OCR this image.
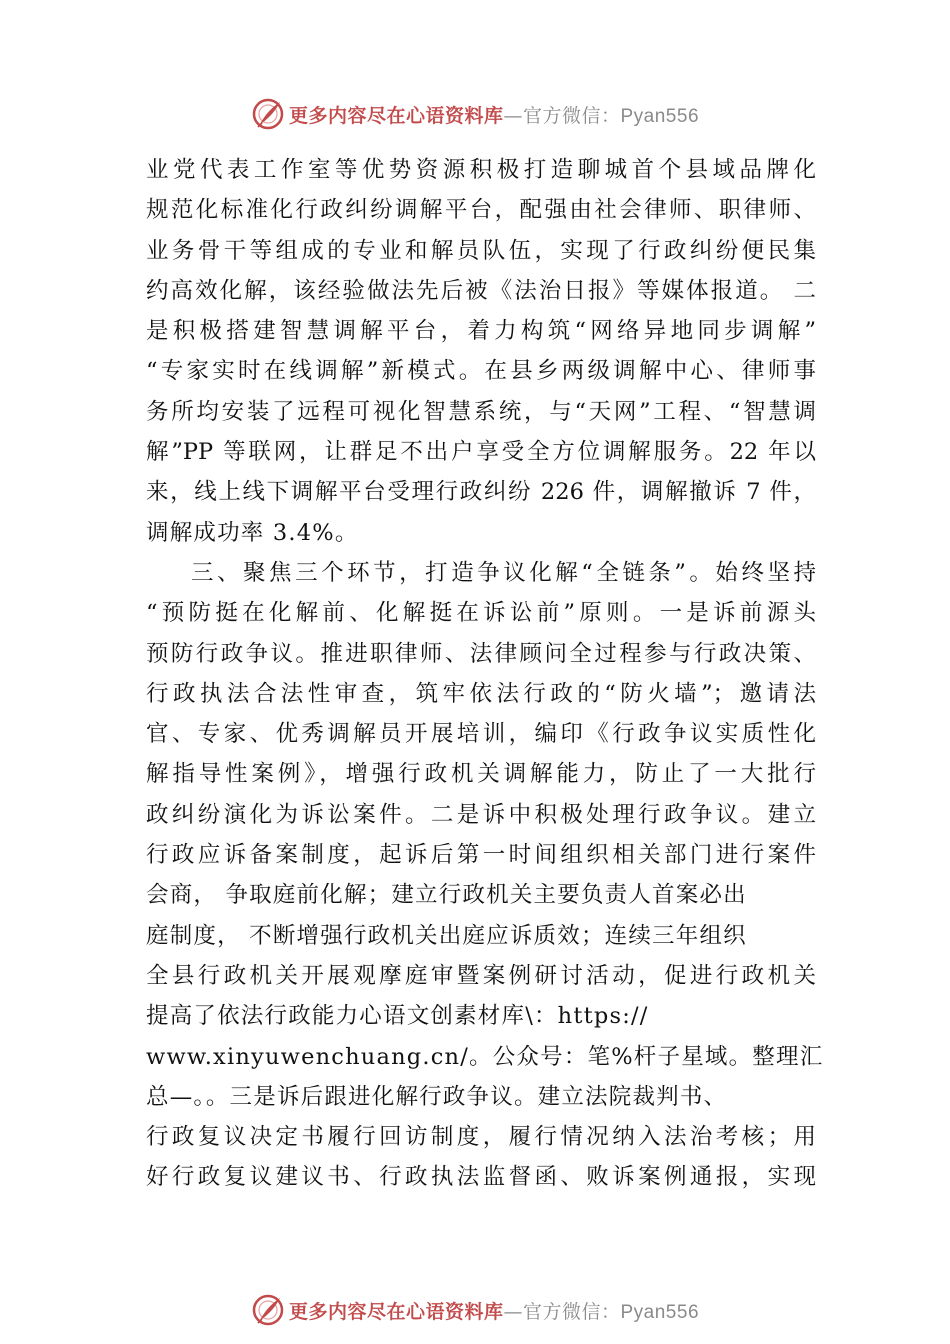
更多内容尽在心语资料库—官方微信：Pyan556
业党代表工作室等优势资源积极打造聊城首个县域品牌化
规范化标准化行政纠纷调解平台，配强由社会律师、职律师、
业务骨干等组成的专业和解员队伍，实现了行政纠纷便民集
约高效化解，该经验做法先后被《法治日报》等媒体报道。 二
是积极搭建智慧调解平台，着力构筑“网络异地同步调解”
“专家实时在线调解”新模式。在县乡两级调解中心、律师事
务所均安装了远程可视化智慧系统，与“天网”工程、“智慧调
解”PP 等联网，让群足不出户享受全方位调解服务。22 年以
来，线上线下调解平台受理行政纠纷 226 件，调解撤诉 7 件，
调解成功率 3.4%。
三、聚焦三个环节，打造争议化解“全链条”。始终坚持
“预防挺在化解前、化解挺在诉讼前”原则。一是诉前源头
预防行政争议。推进职律师、法律顾问全过程参与行政决策、
行政执法合法性审查，筑牢依法行政的“防火墙”；邀请法
官、专家、优秀调解员开展培训，编印《行政争议实质性化
解指导性案例》，增强行政机关调解能力，防止了一大批行
政纠纷演化为诉讼案件。二是诉中积极处理行政争议。建立
行政应诉备案制度，起诉后第一时间组织相关部门进行案件
会商， 争取庭前化解；建立行政机关主要负责人首案必出
庭制度， 不断增强行政机关出庭应诉质效；连续三年组织
全县行政机关开展观摩庭审暨案例研讨活动，促进行政机关
提高了依法行政能力心语文创素材库\：https://
www.xinyuwenchuang.cn/。公众号：笔%杆子星域。整理汇
总—。。三是诉后跟进化解行政争议。建立法院裁判书、
行政复议决定书履行回访制度，履行情况纳入法治考核；用
好行政复议建议书、行政执法监督函、败诉案例通报，实现
更多内容尽在心语资料库—官方微信：Pyan556
